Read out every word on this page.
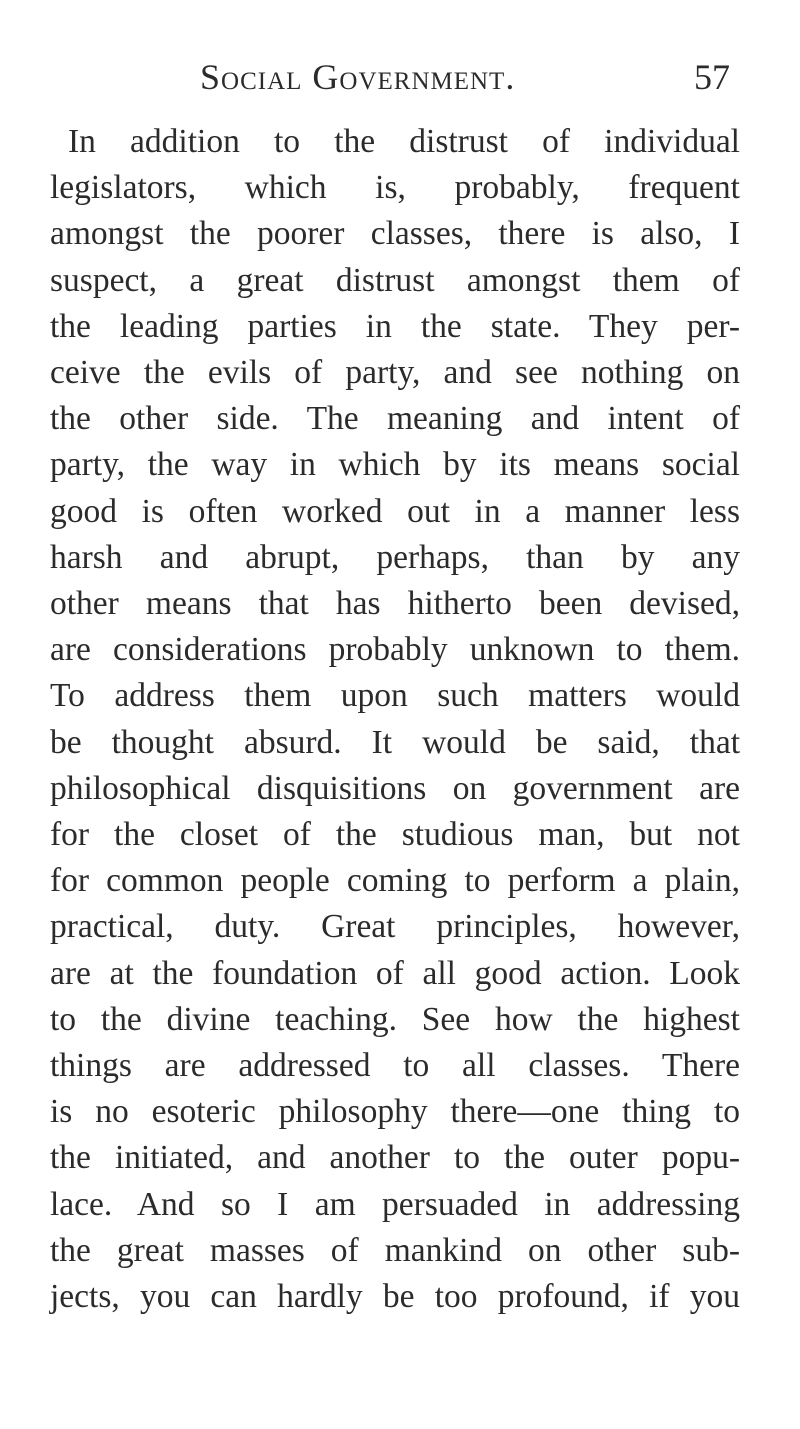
Social Government.	57
In addition to the distrust of individual
legislators, which is, probably, frequent
amongst the poorer classes, there is also, I
suspect, a great distrust amongst them of
the leading parties in the state. They per-
ceive the evils of party, and see nothing on
the other side. The meaning and intent of
party, the way in which by its means social
good is often worked out in a manner less
harsh and abrupt, perhaps, than by any
other means that has hitherto been devised,
are considerations probably unknown to them.
To address them upon such matters would
be thought absurd. It would be said, that
philosophical disquisitions on government are
for the closet of the studious man, but not
for common people coming to perform a plain,
practical, duty. Great principles, however,
are at the foundation of all good action. Look
to the divine teaching. See how the highest
things are addressed to all classes. There
is no esoteric philosophy there—one thing to
the initiated, and another to the outer popu-
lace. And so I am persuaded in addressing
the great masses of mankind on other sub-
jects, you can hardly be too profound, if you
